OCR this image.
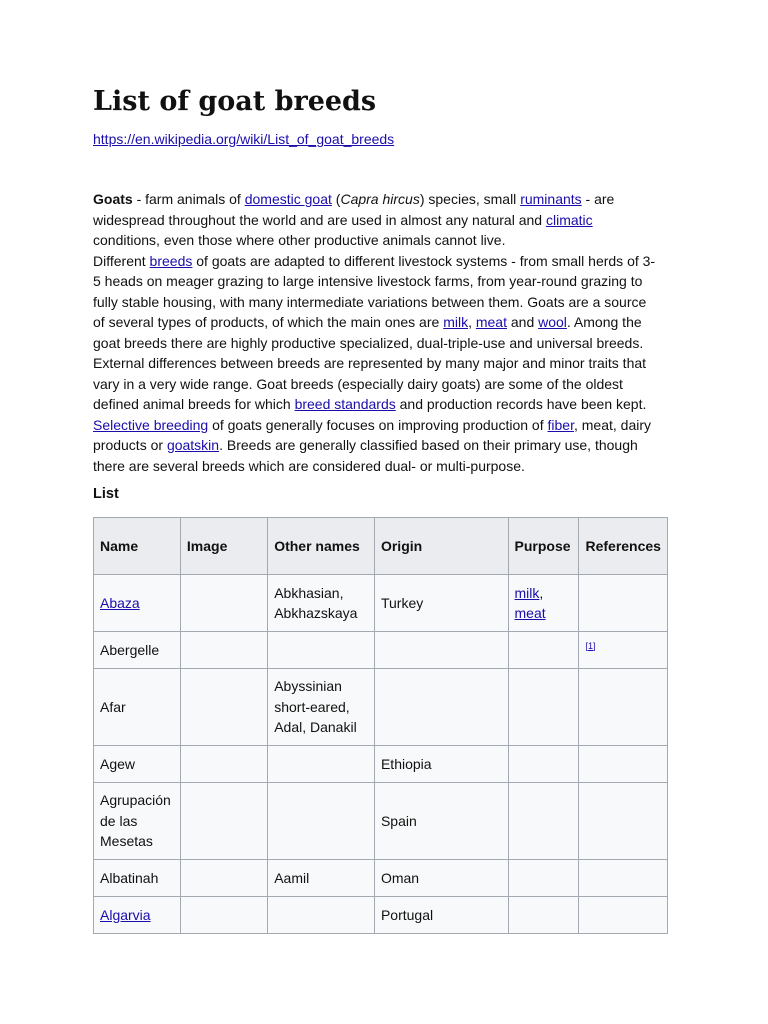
List of goat breeds
https://en.wikipedia.org/wiki/List_of_goat_breeds

Goats - farm animals of domestic goat (Capra hircus) species, small ruminants - are widespread throughout the world and are used in almost any natural and climatic conditions, even those where other productive animals cannot live.

Different breeds of goats are adapted to different livestock systems - from small herds of 3-5 heads on meager grazing to large intensive livestock farms, from year-round grazing to fully stable housing, with many intermediate variations between them. Goats are a source of several types of products, of which the main ones are milk, meat and wool. Among the goat breeds there are highly productive specialized, dual-triple-use and universal breeds. External differences between breeds are represented by many major and minor traits that vary in a very wide range. Goat breeds (especially dairy goats) are some of the oldest defined animal breeds for which breed standards and production records have been kept. Selective breeding of goats generally focuses on improving production of fiber, meat, dairy products or goatskin. Breeds are generally classified based on their primary use, though there are several breeds which are considered dual- or multi-purpose.

List
Name	Image	Other names	Origin	Purpose	References
Abaza		Abkhasian, Abkhazskaya	Turkey	milk, meat	
Abergelle					[1]
Afar		Abyssinian short-eared, Adal, Danakil			
Agew			Ethiopia		
Agrupación de las Mesetas			Spain		
Albatinah		Aamil	Oman		
Algarvia			Portugal		
